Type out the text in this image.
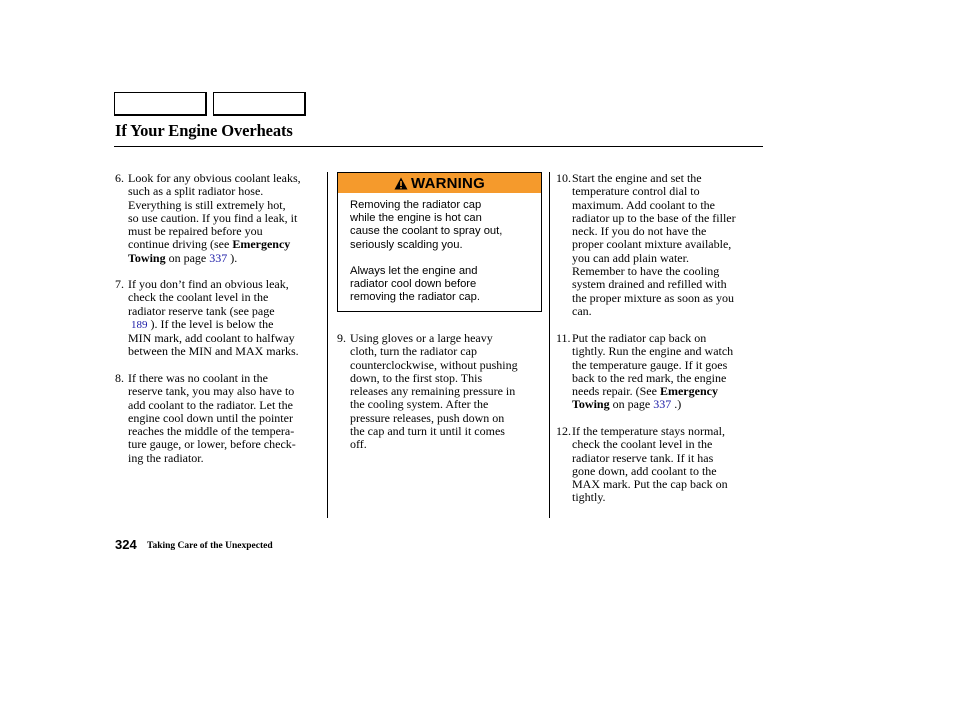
If Your Engine Overheats
6. Look for any obvious coolant leaks,
such as a split radiator hose.
Everything is still extremely hot,
so use caution. If you find a leak, it
must be repaired before you
continue driving (see Emergency
Towing on page 337 ).
7. If you don’t find an obvious leak,
check the coolant level in the
radiator reserve tank (see page
189 ). If the level is below the
MIN mark, add coolant to halfway
between the MIN and MAX marks.
8. If there was no coolant in the
reserve tank, you may also have to
add coolant to the radiator. Let the
engine cool down until the pointer
reaches the middle of the tempera-
ture gauge, or lower, before check-
ing the radiator.
WARNING

Removing the radiator cap
while the engine is hot can
cause the coolant to spray out,
seriously scalding you.

Always let the engine and
radiator cool down before
removing the radiator cap.

9. Using gloves or a large heavy
cloth, turn the radiator cap
counterclockwise, without pushing
down, to the first stop. This
releases any remaining pressure in
the cooling system. After the
pressure releases, push down on
the cap and turn it until it comes
off.
10. Start the engine and set the
temperature control dial to
maximum. Add coolant to the
radiator up to the base of the filler
neck. If you do not have the
proper coolant mixture available,
you can add plain water.
Remember to have the cooling
system drained and refilled with
the proper mixture as soon as you
can.
11. Put the radiator cap back on
tightly. Run the engine and watch
the temperature gauge. If it goes
back to the red mark, the engine
needs repair. (See Emergency
Towing on page 337 .)
12. If the temperature stays normal,
check the coolant level in the
radiator reserve tank. If it has
gone down, add coolant to the
MAX mark. Put the cap back on
tightly.
324 Taking Care of the Unexpected
